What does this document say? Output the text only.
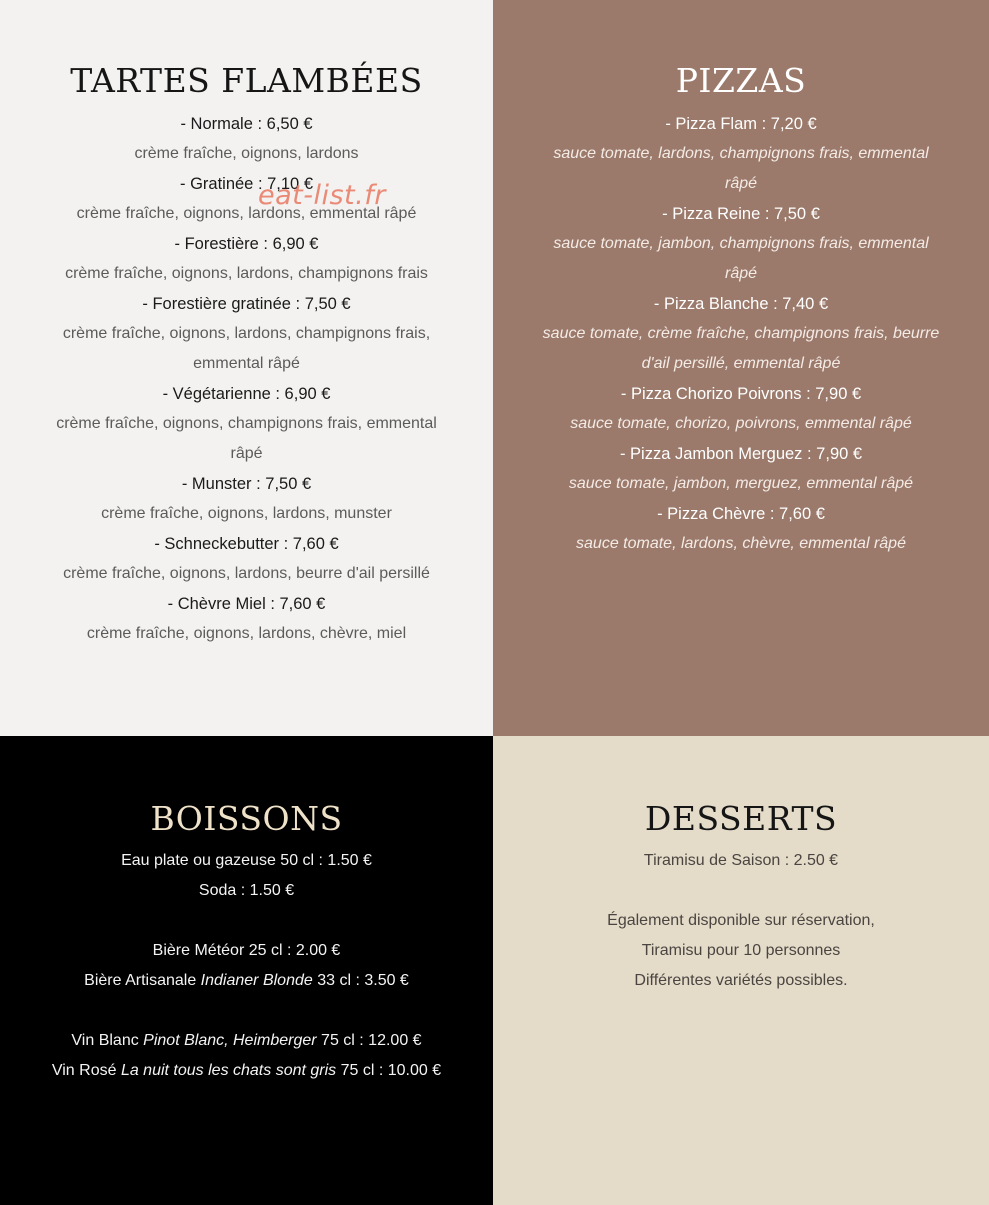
TARTES FLAMBÉES
- Normale : 6,50 €
crème fraîche, oignons, lardons
- Gratinée : 7,10 €
crème fraîche, oignons, lardons, emmental râpé
- Forestière : 6,90 €
crème fraîche, oignons, lardons, champignons frais
- Forestière gratinée : 7,50 €
crème fraîche, oignons, lardons, champignons frais,
emmental râpé
- Végétarienne : 6,90 €
crème fraîche, oignons, champignons frais, emmental
râpé
- Munster : 7,50 €
crème fraîche, oignons, lardons, munster
- Schneckebutter : 7,60 €
crème fraîche, oignons, lardons, beurre d'ail persillé
- Chèvre Miel : 7,60 €
crème fraîche, oignons, lardons, chèvre, miel
PIZZAS
- Pizza Flam : 7,20 €
sauce tomate, lardons, champignons frais, emmental
râpé
- Pizza Reine : 7,50 €
sauce tomate, jambon, champignons frais, emmental
râpé
- Pizza Blanche : 7,40 €
sauce tomate, crème fraîche, champignons frais, beurre
d'ail persillé, emmental râpé
- Pizza Chorizo Poivrons : 7,90 €
sauce tomate, chorizo, poivrons, emmental râpé
- Pizza Jambon Merguez : 7,90 €
sauce tomate, jambon, merguez, emmental râpé
- Pizza Chèvre : 7,60 €
sauce tomate, lardons, chèvre, emmental râpé
BOISSONS
Eau plate ou gazeuse 50 cl : 1.50 €
Soda : 1.50 €
Bière Météor 25 cl : 2.00 €
Bière Artisanale Indianer Blonde 33 cl : 3.50 €
Vin Blanc Pinot Blanc, Heimberger 75 cl : 12.00 €
Vin Rosé La nuit tous les chats sont gris 75 cl : 10.00 €
DESSERTS
Tiramisu de Saison : 2.50 €
Également disponible sur réservation,
Tiramisu pour 10 personnes
Différentes variétés possibles.
eat-list.fr
